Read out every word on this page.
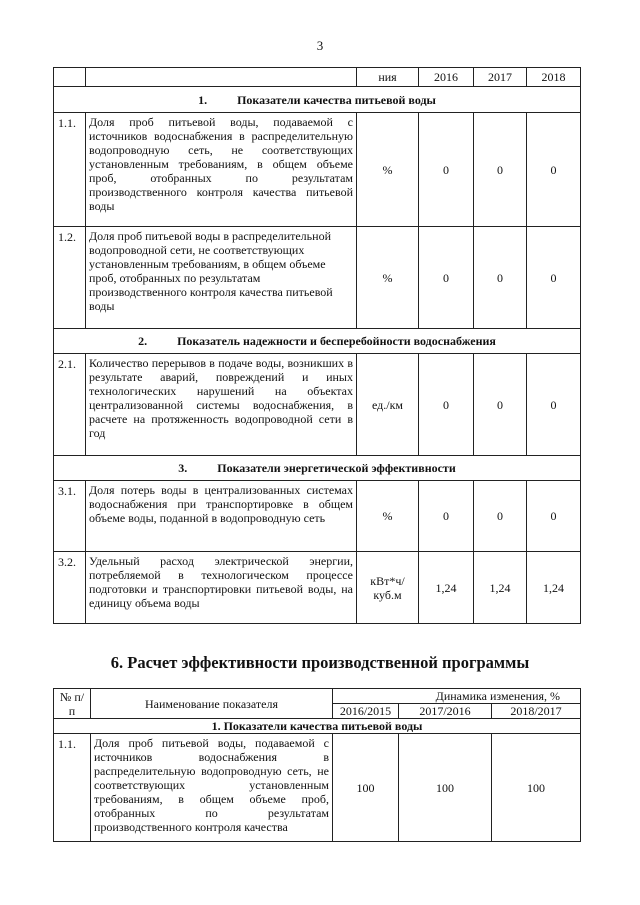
3
		ния	2016	2017	2018
1. Показатели качества питьевой воды					
1.1.	Доля проб питьевой воды, подаваемой с источников водоснабжения в распределительную водопроводную сеть, не соответствующих установленным требованиям, в общем объеме проб, отобранных по результатам производственного контроля качества питьевой воды	%	0	0	0
1.2.	Доля проб питьевой воды в распределительной водопроводной сети, не соответствующих установленным требованиям, в общем объеме проб, отобранных по результатам производственного контроля качества питьевой воды	%	0	0	0
2. Показатель надежности и бесперебойности водоснабжения					
2.1.	Количество перерывов в подаче воды, возникших в результате аварий, повреждений и иных технологических нарушений на объектах централизованной системы водоснабжения, в расчете на протяженность водопроводной сети в год	ед./км	0	0	0
3. Показатели энергетической эффективности					
3.1.	Доля потерь воды в централизованных системах водоснабжения при транспортировке в общем объеме воды, поданной в водопроводную сеть	%	0	0	0
3.2.	Удельный расход электрической энергии, потребляемой в технологическом процессе подготовки и транспортировки питьевой воды, на единицу объема воды	кВт*ч/ куб.м	1,24	1,24	1,24
6. Расчет эффективности производственной программы
№ п/п	Наименование показателя	Динамика изменения, %		
		2016/2015	2017/2016	2018/2017
1. Показатели качества питьевой воды				
1.1.	Доля проб питьевой воды, подаваемой с источников водоснабжения в распределительную водопроводную сеть, не соответствующих установленным требованиям, в общем объеме проб, отобранных по результатам производственного контроля качества	100	100	100
